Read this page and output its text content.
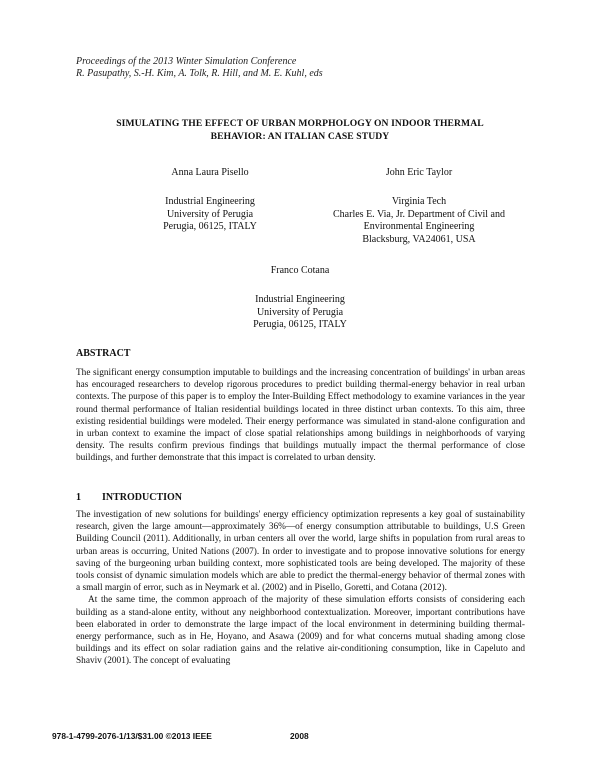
Proceedings of the 2013 Winter Simulation Conference
R. Pasupathy, S.-H. Kim, A. Tolk, R. Hill, and M. E. Kuhl, eds
SIMULATING THE EFFECT OF URBAN MORPHOLOGY ON INDOOR THERMAL
BEHAVIOR: AN ITALIAN CASE STUDY
Anna Laura Pisello
Industrial Engineering
University of Perugia
Perugia, 06125, ITALY
John Eric Taylor
Virginia Tech
Charles E. Via, Jr. Department of Civil and
Environmental Engineering
Blacksburg, VA24061, USA
Franco Cotana
Industrial Engineering
University of Perugia
Perugia, 06125, ITALY
ABSTRACT
The significant energy consumption imputable to buildings and the increasing concentration of buildings' in urban areas has encouraged researchers to develop rigorous procedures to predict building thermal-energy behavior in real urban contexts. The purpose of this paper is to employ the Inter-Building Effect methodology to examine variances in the year round thermal performance of Italian residential buildings located in three distinct urban contexts. To this aim, three existing residential buildings were modeled. Their energy performance was simulated in stand-alone configuration and in urban context to examine the impact of close spatial relationships among buildings in neighborhoods of varying density. The results confirm previous findings that buildings mutually impact the thermal performance of close buildings, and further demonstrate that this impact is correlated to urban density.
1 INTRODUCTION

The investigation of new solutions for buildings' energy efficiency optimization represents a key goal of sustainability research, given the large amount—approximately 36%—of energy consumption attributable to buildings, U.S Green Building Council (2011). Additionally, in urban centers all over the world, large shifts in population from rural areas to urban areas is occurring, United Nations (2007). In order to investigate and to propose innovative solutions for energy saving of the burgeoning urban building context, more sophisticated tools are being developed. The majority of these tools consist of dynamic simulation models which are able to predict the thermal-energy behavior of thermal zones with a small margin of error, such as in Neymark et al. (2002) and in Pisello, Goretti, and Cotana (2012).

At the same time, the common approach of the majority of these simulation efforts consists of considering each building as a stand-alone entity, without any neighborhood contextualization. Moreover, important contributions have been elaborated in order to demonstrate the large impact of the local environment in determining building thermal-energy performance, such as in He, Hoyano, and Asawa (2009) and for what concerns mutual shading among close buildings and its effect on solar radiation gains and the relative air-conditioning consumption, like in Capeluto and Shaviv (2001). The concept of evaluating

978-1-4799-2076-1/13/$31.00 ©2013 IEEE	2008
